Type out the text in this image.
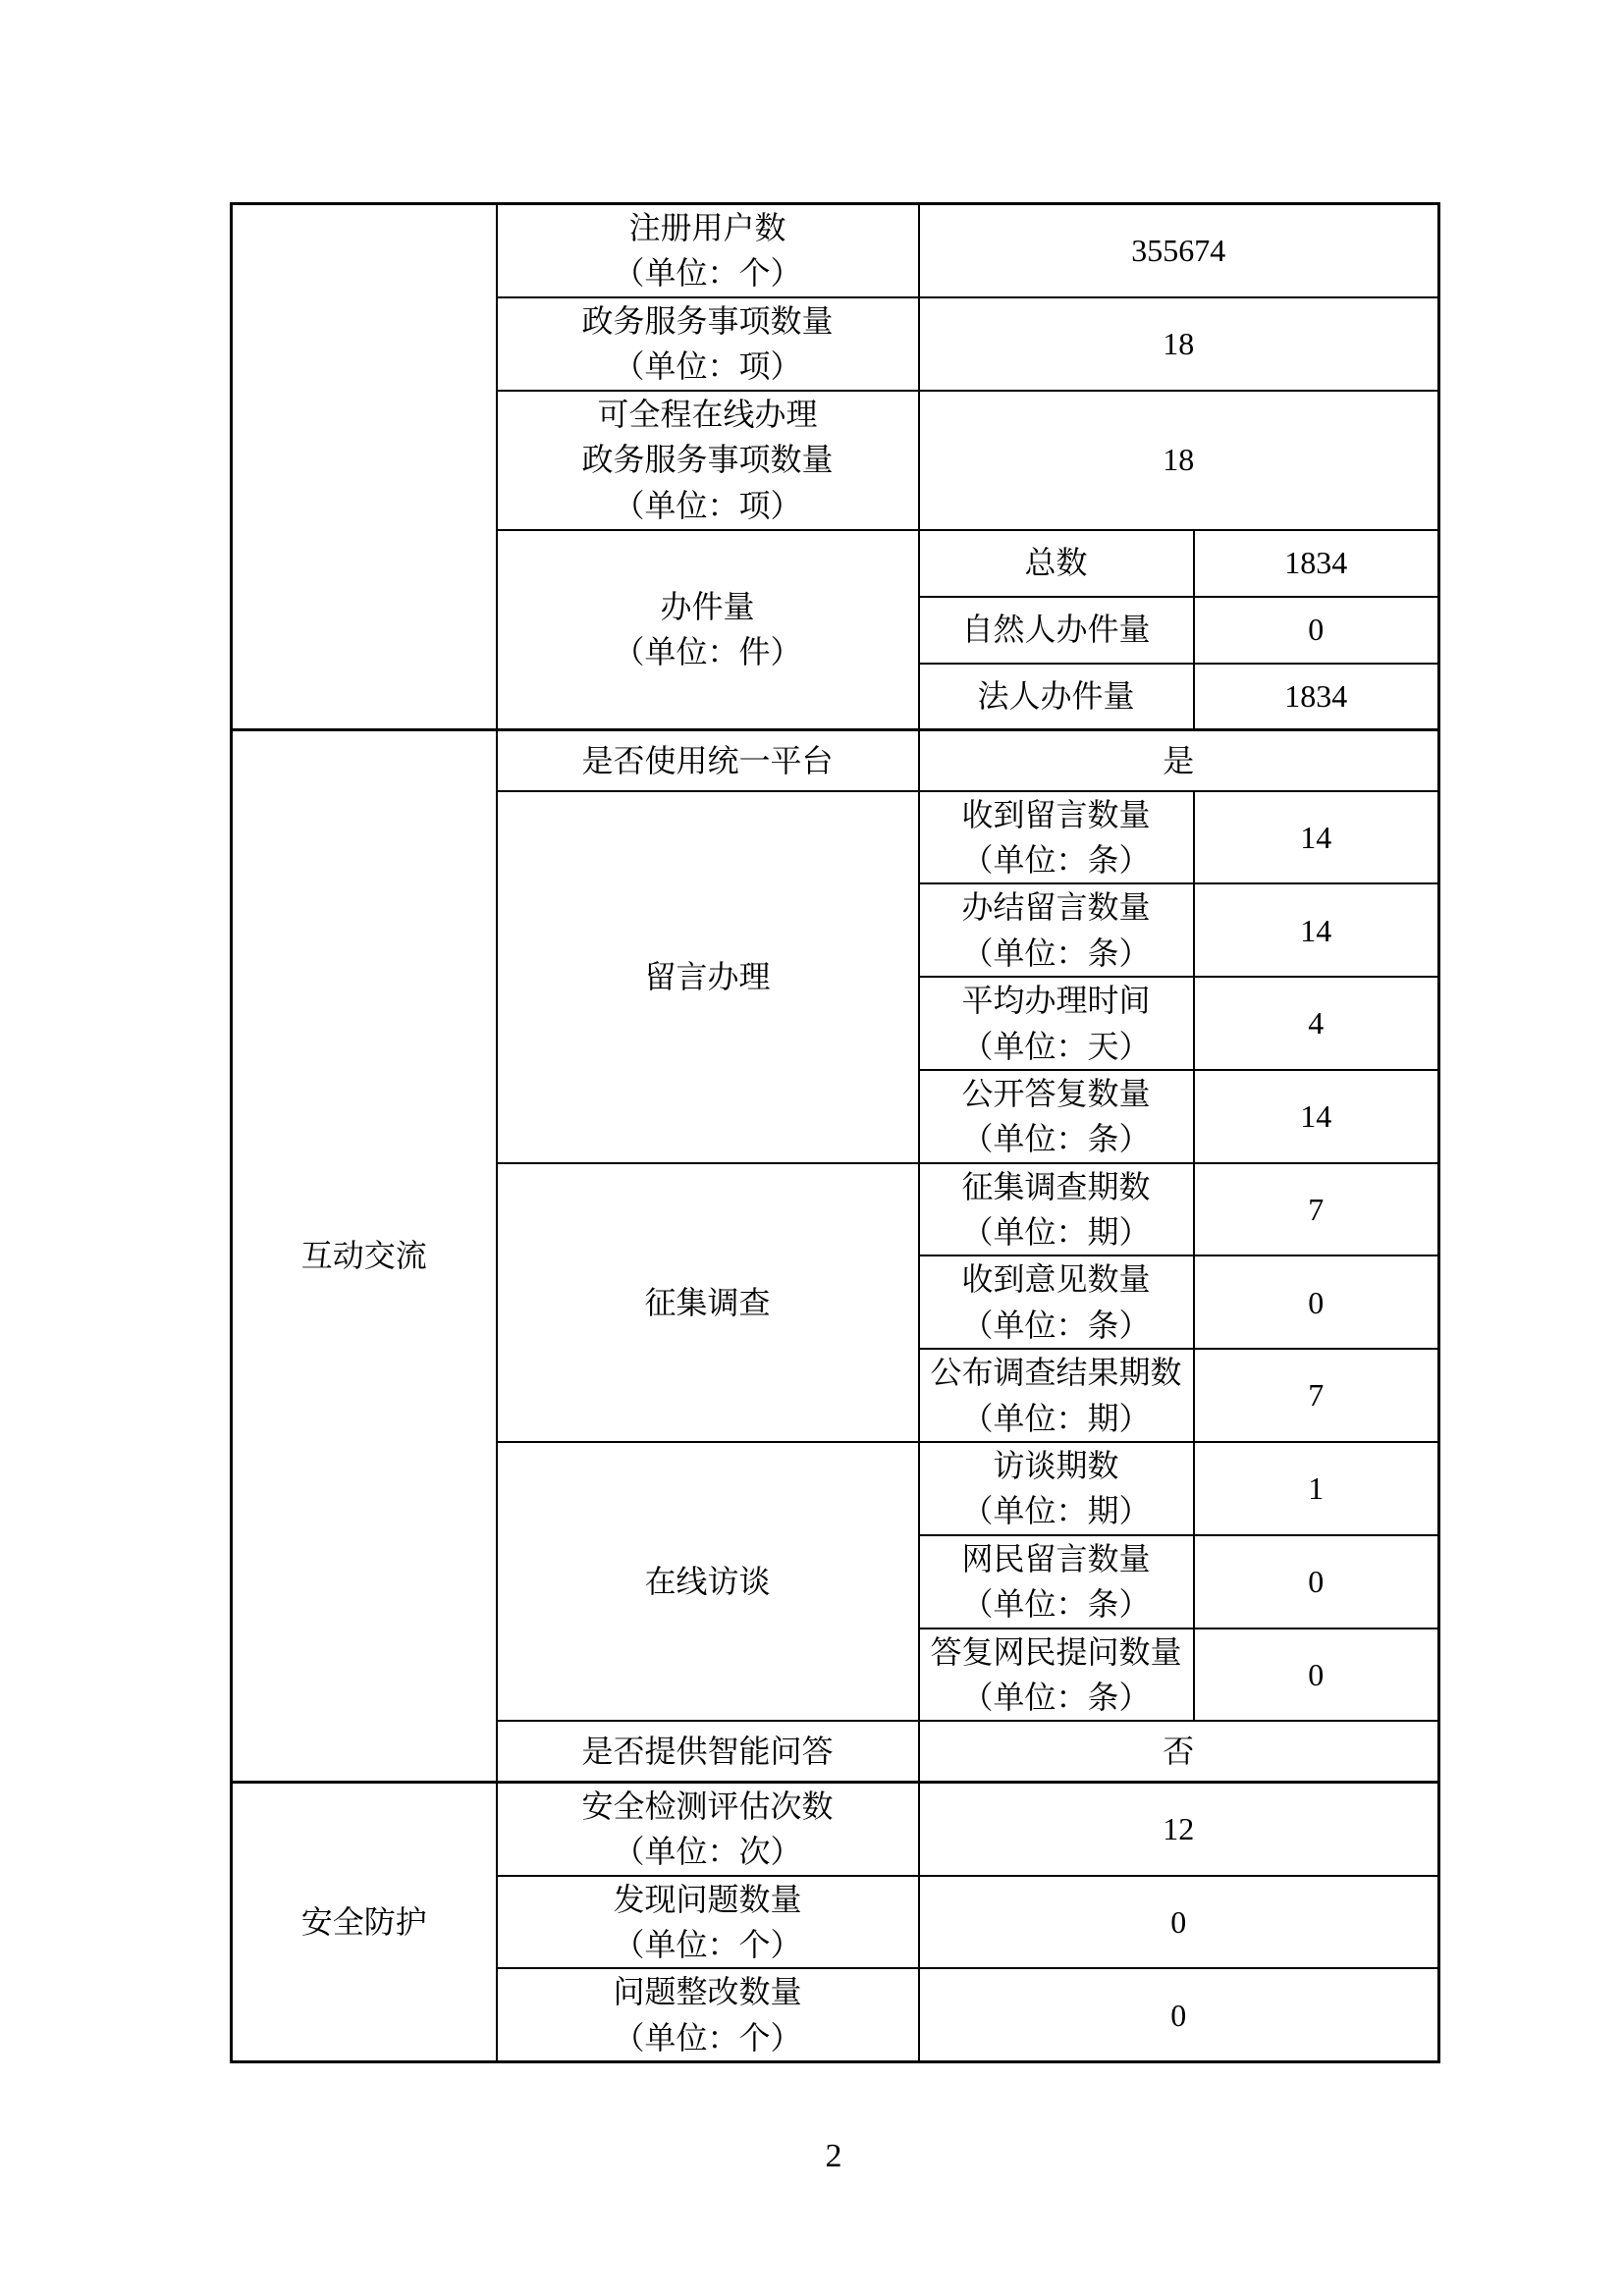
	注册用户数
（单位：个）	355674	

	政务服务事项数量
（单位：项）	18	

	可全程在线办理
政务服务事项数量
（单位：项）	18	

	办件量
（单位：件）	总数	1834

		自然人办件量	0

		法人办件量	1834

互动交流	是否使用统一平台	是	

	留言办理	收到留言数量
（单位：条）	14

		办结留言数量
（单位：条）	14

		平均办理时间
（单位：天）	4

		公开答复数量
（单位：条）	14

	征集调查	征集调查期数
（单位：期）	7

		收到意见数量
（单位：条）	0

		公布调查结果期数
（单位：期）	7

	在线访谈	访谈期数
（单位：期）	1

		网民留言数量
（单位：条）	0

		答复网民提问数量
（单位：条）	0

	是否提供智能问答	否	

安全防护	安全检测评估次数
（单位：次）	12	

	发现问题数量
（单位：个）	0	

	问题整改数量
（单位：个）	0	
2
